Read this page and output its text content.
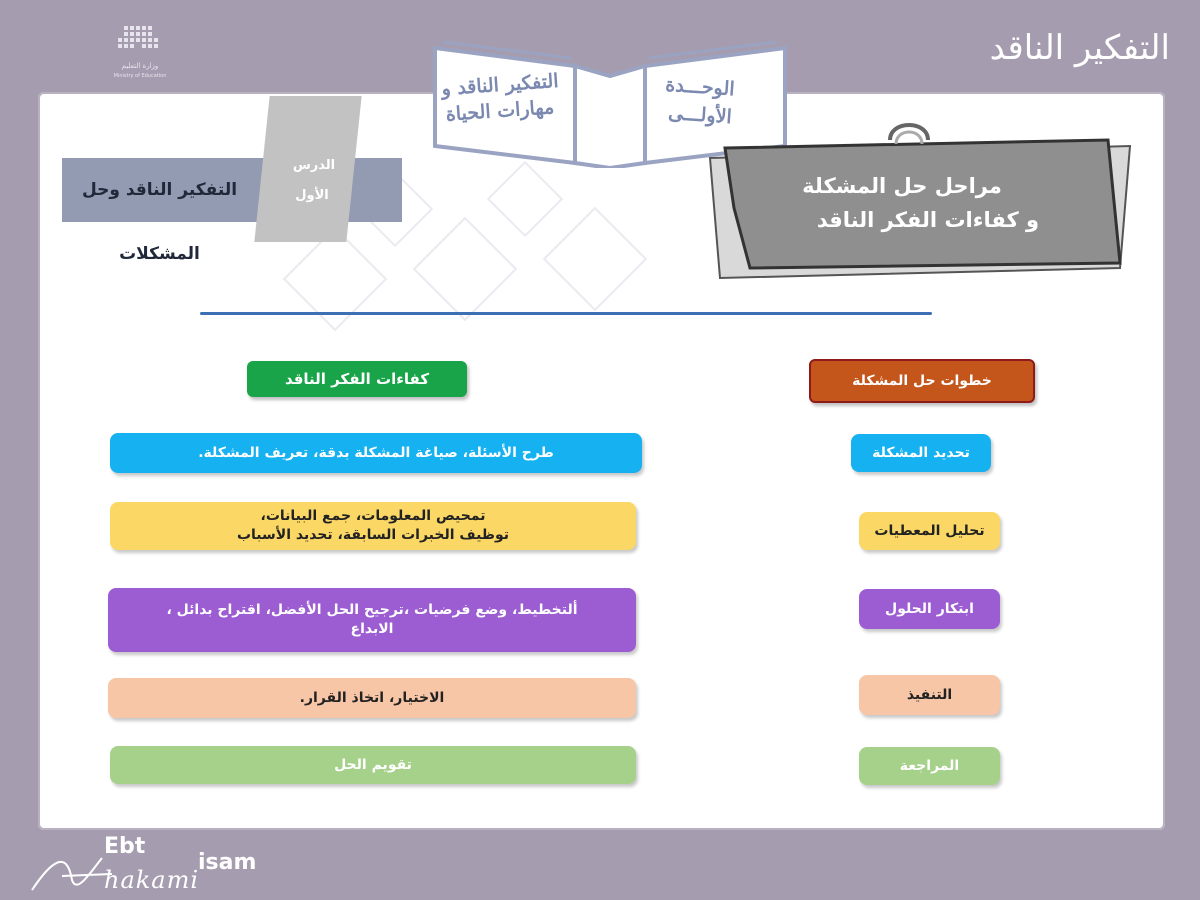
وزارة التعليم
Ministry of Education
التفكير الناقد
التفكير الناقد وحل المشكلات
الدرس
الأول
التفكير الناقد و
مهارات الحياة
الوحـــدة
الأولـــى
مراحل حل المشكلة
و كفاءات الفكر الناقد
كفاءات الفكر الناقد	خطوات حل المشكلة
طرح الأسئلة، صياغة المشكلة بدقة، تعريف المشكلة.
تمحيص المعلومات، جمع البيانات،
توظيف الخبرات السابقة، تحديد الأسباب
ألتخطيط، وضع فرضيات ،ترجيح الحل الأفضل، اقتراح بدائل ،
الابداع
الاختيار، اتخاذ القرار.
تقويم الحل
تحديد المشكلة
تحليل المعطيات
ابتكار الحلول
التنفيذ
المراجعة
Ebt
isam
hakami
